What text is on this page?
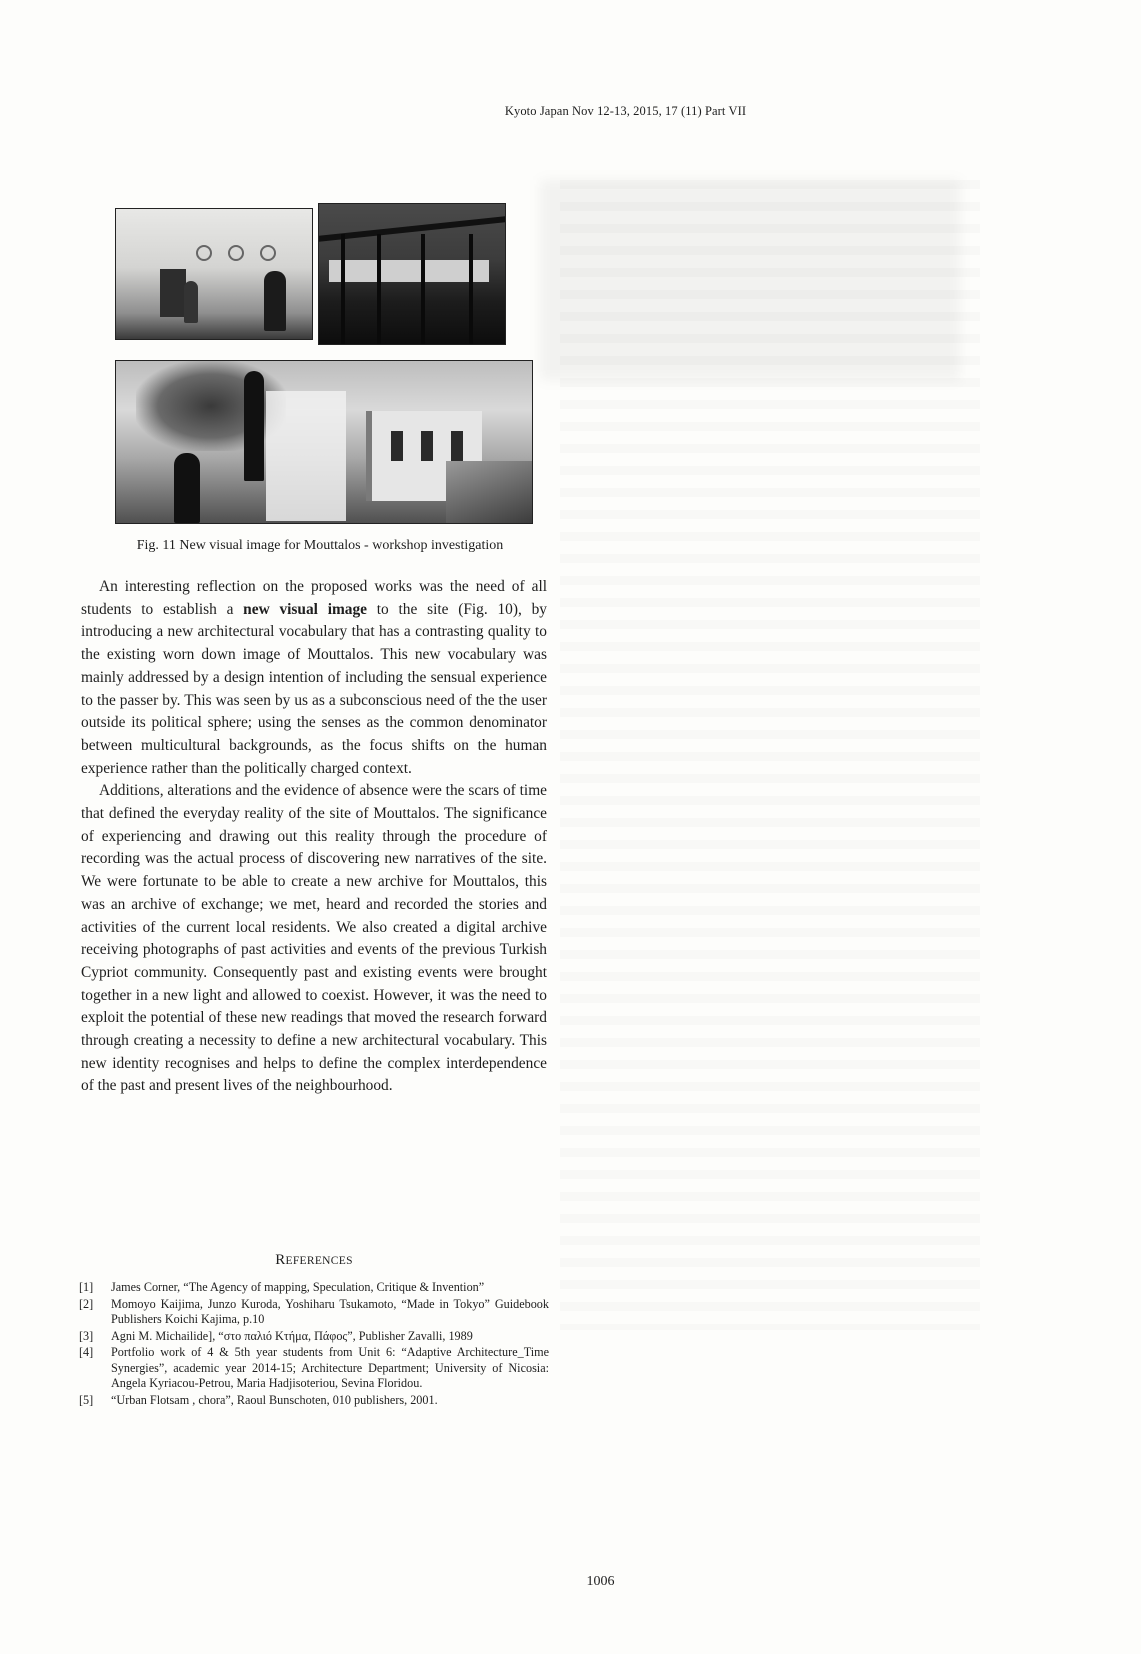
Kyoto Japan Nov 12-13, 2015, 17 (11) Part VII
Fig. 11 New visual image for Mouttalos - workshop investigation

An interesting reflection on the proposed works was the need of all students to establish a new visual image to the site (Fig. 10), by introducing a new architectural vocabulary that has a contrasting quality to the existing worn down image of Mouttalos. This new vocabulary was mainly addressed by a design intention of including the sensual experience to the passer by. This was seen by us as a subconscious need of the the user outside its political sphere; using the senses as the common denominator between multicultural backgrounds, as the focus shifts on the human experience rather than the politically charged context.

Additions, alterations and the evidence of absence were the scars of time that defined the everyday reality of the site of Mouttalos. The significance of experiencing and drawing out this reality through the procedure of recording was the actual process of discovering new narratives of the site. We were fortunate to be able to create a new archive for Mouttalos, this was an archive of exchange; we met, heard and recorded the stories and activities of the current local residents. We also created a digital archive receiving photographs of past activities and events of the previous Turkish Cypriot community. Consequently past and existing events were brought together in a new light and allowed to coexist. However, it was the need to exploit the potential of these new readings that moved the research forward through creating a necessity to define a new architectural vocabulary. This new identity recognises and helps to define the complex interdependence of the past and present lives of the neighbourhood.

REFERENCES
[1]	James Corner, “The Agency of mapping, Speculation, Critique & Invention”
[2]	Momoyo Kaijima, Junzo Kuroda, Yoshiharu Tsukamoto, “Made in Tokyo” Guidebook Publishers Koichi Kajima, p.10
[3]	Agni M. Michailide], “στο παλιό Κτήμα, Πάφος”, Publisher Zavalli, 1989
[4]	Portfolio work of 4 & 5th year students from Unit 6: “Adaptive Architecture_Time Synergies”, academic year 2014-15; Architecture Department; University of Nicosia: Angela Kyriacou-Petrou, Maria Hadjisoteriou, Sevina Floridou.
[5]	“Urban Flotsam , chora”, Raoul Bunschoten, 010 publishers, 2001.
1006
